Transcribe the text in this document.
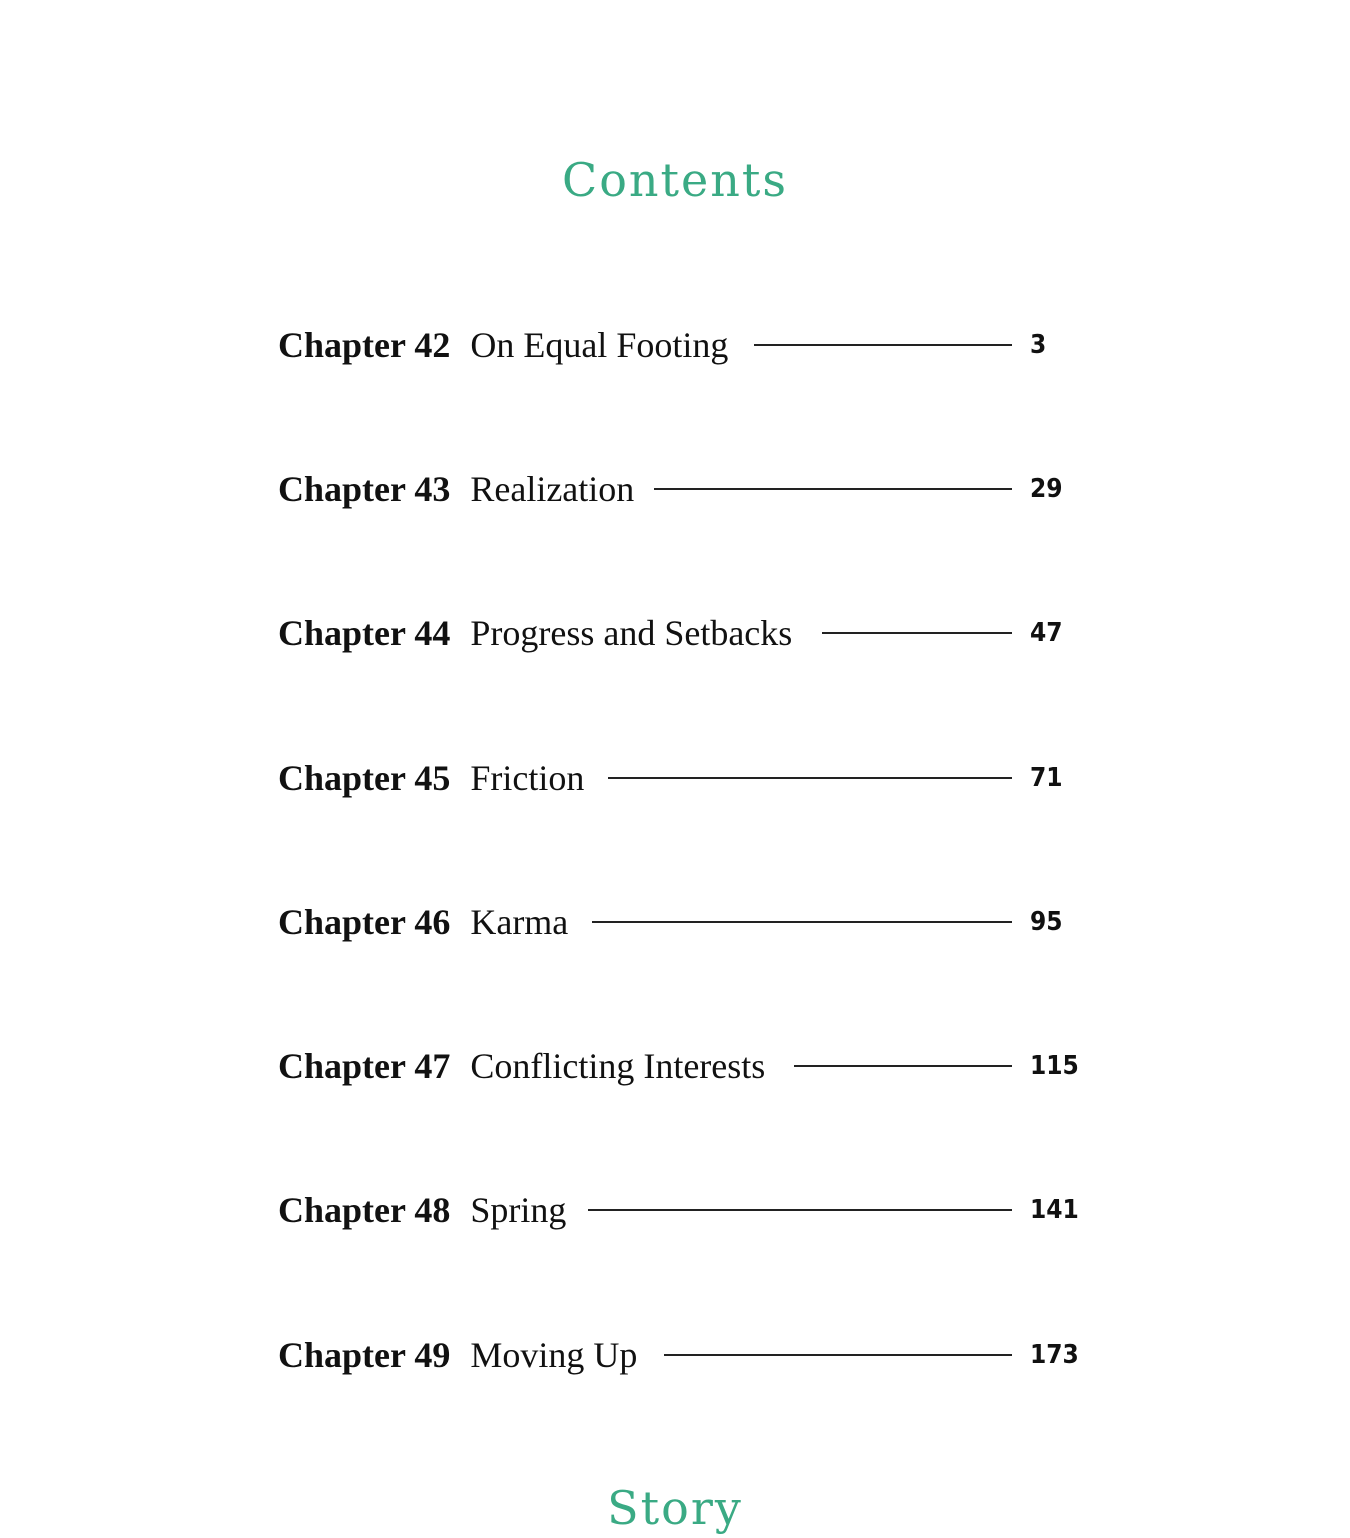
Contents
Chapter 42 On Equal Footing	3
Chapter 43 Realization	29
Chapter 44 Progress and Setbacks	47
Chapter 45 Friction	71
Chapter 46 Karma	95
Chapter 47 Conflicting Interests	115
Chapter 48 Spring	141
Chapter 49 Moving Up	173
Story
